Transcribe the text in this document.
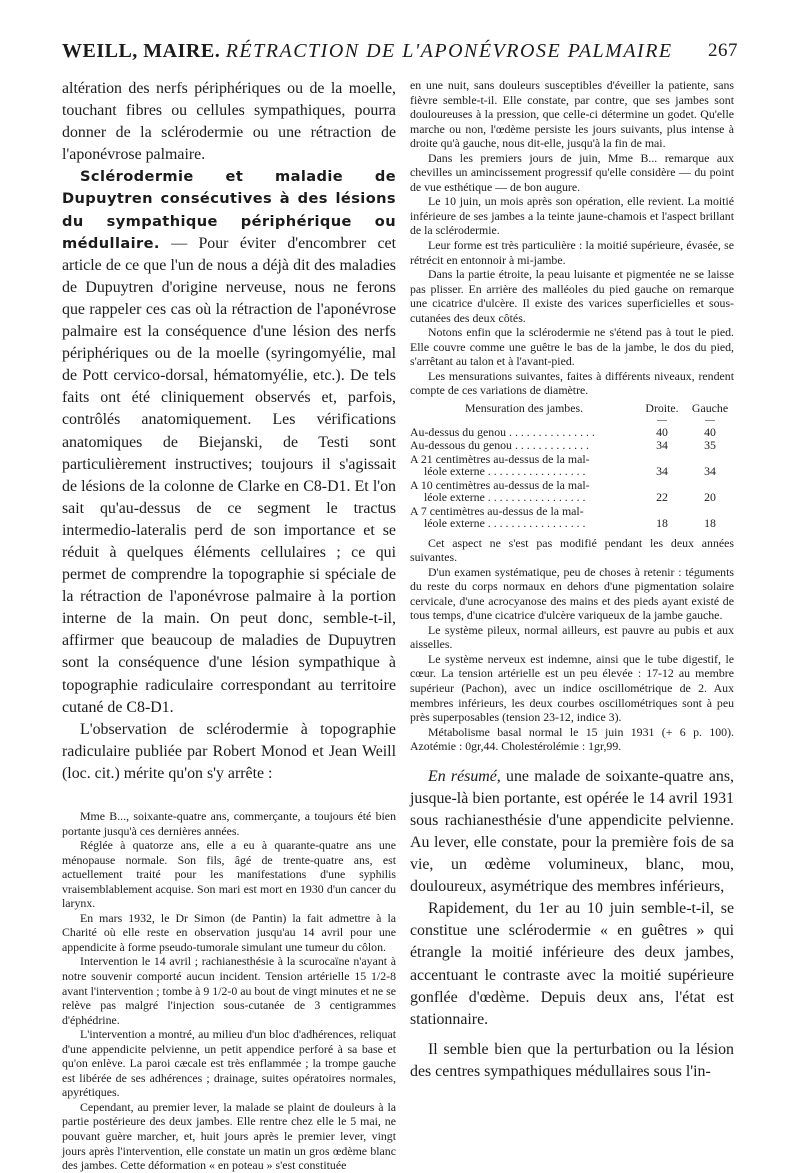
WEILL, MAIRE. RÉTRACTION DE L'APONÉVROSE PALMAIRE 267

altération des nerfs périphériques ou de la moelle, touchant fibres ou cellules sympathiques, pourra donner de la sclérodermie ou une rétraction de l'aponévrose palmaire.

Sclérodermie et maladie de Dupuytren consécutives à des lésions du sympathique périphérique ou médullaire. — Pour éviter d'encombrer cet article de ce que l'un de nous a déjà dit des maladies de Dupuytren d'origine nerveuse, nous ne ferons que rappeler ces cas où la rétraction de l'aponévrose palmaire est la conséquence d'une lésion des nerfs périphériques ou de la moelle (syringomyélie, mal de Pott cervico-dorsal, hématomyélie, etc.). De tels faits ont été cliniquement observés et, parfois, contrôlés anatomiquement. Les vérifications anatomiques de Biejanski, de Testi sont particulièrement instructives; toujours il s'agissait de lésions de la colonne de Clarke en C8-D1. Et l'on sait qu'au-dessus de ce segment le tractus intermedio-lateralis perd de son importance et se réduit à quelques éléments cellulaires ; ce qui permet de comprendre la topographie si spéciale de la rétraction de l'aponévrose palmaire à la portion interne de la main. On peut donc, semble-t-il, affirmer que beaucoup de maladies de Dupuytren sont la conséquence d'une lésion sympathique à topographie radiculaire correspondant au territoire cutané de C8-D1.

L'observation de sclérodermie à topographie radiculaire publiée par Robert Monod et Jean Weill (loc. cit.) mérite qu'on s'y arrête :

Mme B..., soixante-quatre ans, commerçante, a toujours été bien portante jusqu'à ces dernières années.

Réglée à quatorze ans, elle a eu à quarante-quatre ans une ménopause normale. Son fils, âgé de trente-quatre ans, est actuellement traité pour les manifestations d'une syphilis vraisemblablement acquise. Son mari est mort en 1930 d'un cancer du larynx.

En mars 1932, le Dr Simon (de Pantin) la fait admettre à la Charité où elle reste en observation jusqu'au 14 avril pour une appendicite à forme pseudo-tumorale simulant une tumeur du côlon.

Intervention le 14 avril ; rachianesthésie à la scurocaïne n'ayant à notre souvenir comporté aucun incident. Tension artérielle 15 1/2-8 avant l'intervention ; tombe à 9 1/2-0 au bout de vingt minutes et ne se relève pas malgré l'injection sous-cutanée de 3 centigrammes d'éphédrine.

L'intervention a montré, au milieu d'un bloc d'adhérences, reliquat d'une appendicite pelvienne, un petit appendice perforé à sa base et qu'on enlève. La paroi cæcale est très enflammée ; la trompe gauche est libérée de ses adhérences ; drainage, suites opératoires normales, apyrétiques.

Cependant, au premier lever, la malade se plaint de douleurs à la partie postérieure des deux jambes. Elle rentre chez elle le 5 mai, ne pouvant guère marcher, et, huit jours après le premier lever, vingt jours après l'intervention, elle constate un matin un gros œdème blanc des jambes. Cette déformation « en poteau » s'est constituée

en une nuit, sans douleurs susceptibles d'éveiller la patiente, sans fièvre semble-t-il. Elle constate, par contre, que ses jambes sont douloureuses à la pression, que celle-ci détermine un godet. Qu'elle marche ou non, l'œdème persiste les jours suivants, plus intense à droite qu'à gauche, nous dit-elle, jusqu'à la fin de mai.

Dans les premiers jours de juin, Mme B... remarque aux chevilles un amincissement progressif qu'elle considère — du point de vue esthétique — de bon augure.

Le 10 juin, un mois après son opération, elle revient. La moitié inférieure de ses jambes a la teinte jaune-chamois et l'aspect brillant de la sclérodermie.

Leur forme est très particulière : la moitié supérieure, évasée, se rétrécit en entonnoir à mi-jambe.

Dans la partie étroite, la peau luisante et pigmentée ne se laisse pas plisser. En arrière des malléoles du pied gauche on remarque une cicatrice d'ulcère. Il existe des varices superficielles et sous-cutanées des deux côtés.

Notons enfin que la sclérodermie ne s'étend pas à tout le pied. Elle couvre comme une guêtre le bas de la jambe, le dos du pied, s'arrêtant au talon et à l'avant-pied.

Les mensurations suivantes, faites à différents niveaux, rendent compte de ces variations de diamètre.

Mensuration des jambes.	Droite.	Gauche
	—	—
Au-dessus du genou . . . . . . . . . . . . . . .	40	40
Au-dessous du genou . . . . . . . . . . . . .	34	35
A 21 centimètres au-dessus de la mal-
léole externe . . . . . . . . . . . . . . . . .	34	34
A 10 centimètres au-dessus de la mal-
léole externe . . . . . . . . . . . . . . . . .	22	20
A 7 centimètres au-dessus de la mal-
léole externe . . . . . . . . . . . . . . . . .	18	18

Cet aspect ne s'est pas modifié pendant les deux années suivantes.

D'un examen systématique, peu de choses à retenir : téguments du reste du corps normaux en dehors d'une pigmentation solaire cervicale, d'une acrocyanose des mains et des pieds ayant existé de tous temps, d'une cicatrice d'ulcère variqueux de la jambe gauche.

Le système pileux, normal ailleurs, est pauvre au pubis et aux aisselles.

Le système nerveux est indemne, ainsi que le tube digestif, le cœur. La tension artérielle est un peu élevée : 17-12 au membre supérieur (Pachon), avec un indice oscillométrique de 2. Aux membres inférieurs, les deux courbes oscillométriques sont à peu près superposables (tension 23-12, indice 3).

Métabolisme basal normal le 15 juin 1931 (+ 6 p. 100). Azotémie : 0gr,44. Cholestérolémie : 1gr,99.

En résumé, une malade de soixante-quatre ans, jusque-là bien portante, est opérée le 14 avril 1931 sous rachianesthésie d'une appendicite pelvienne. Au lever, elle constate, pour la première fois de sa vie, un œdème volumineux, blanc, mou, douloureux, asymétrique des membres inférieurs,

Rapidement, du 1er au 10 juin semble-t-il, se constitue une sclérodermie « en guêtres » qui étrangle la moitié inférieure des deux jambes, accentuant le contraste avec la moitié supérieure gonflée d'œdème. Depuis deux ans, l'état est stationnaire.

Il semble bien que la perturbation ou la lésion des centres sympathiques médullaires sous l'in-
